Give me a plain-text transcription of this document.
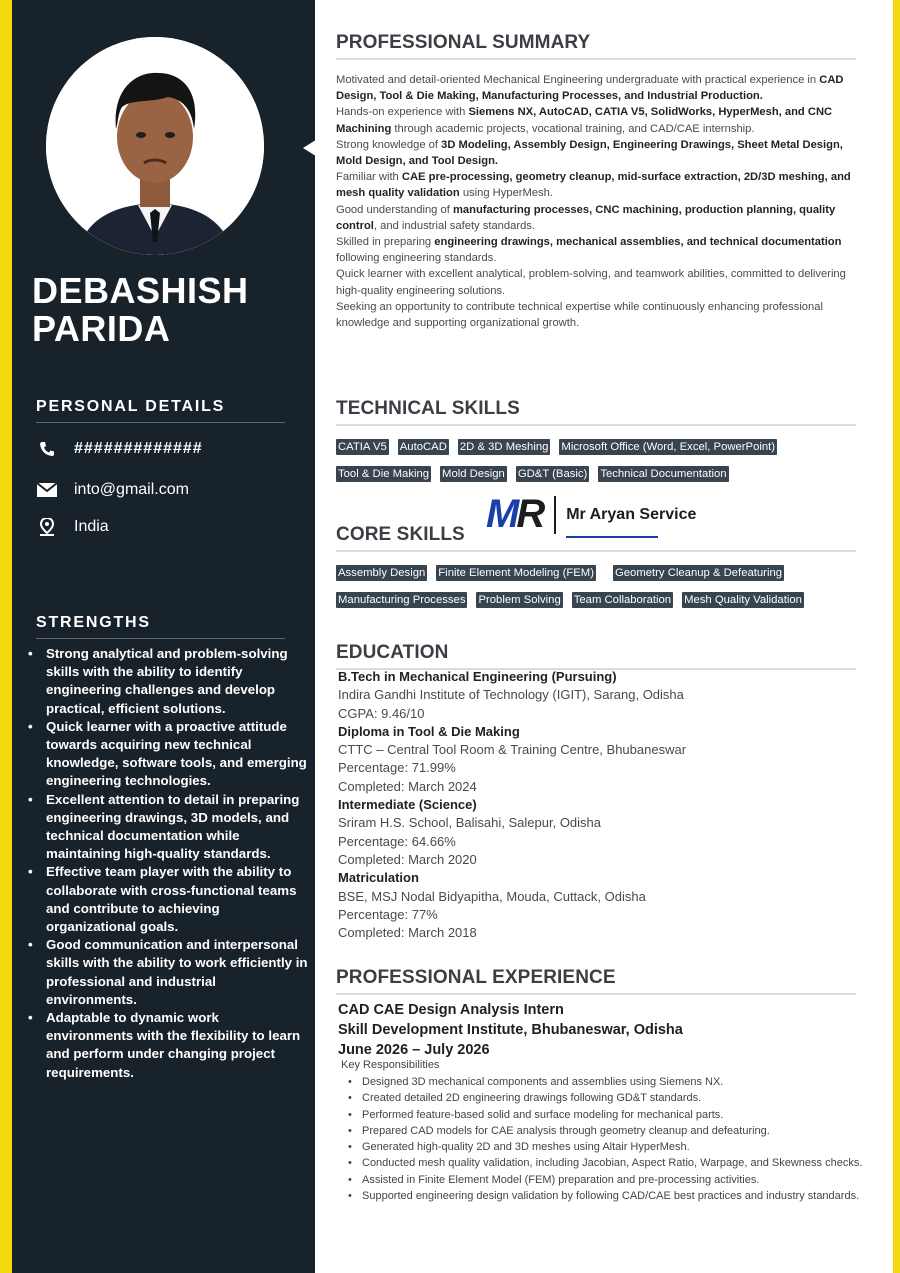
DEBASHISH
PARIDA
PERSONAL DETAILS
#############
into@gmail.com
India
STRENGTHS
• Strong analytical and problem-solving skills with the ability to identify engineering challenges and develop practical, efficient solutions.
• Quick learner with a proactive attitude towards acquiring new technical knowledge, software tools, and emerging engineering technologies.
• Excellent attention to detail in preparing engineering drawings, 3D models, and technical documentation while maintaining high-quality standards.
• Effective team player with the ability to collaborate with cross-functional teams and contribute to achieving organizational goals.
• Good communication and interpersonal skills with the ability to work efficiently in professional and industrial environments.
• Adaptable to dynamic work environments with the flexibility to learn and perform under changing project requirements.
PROFESSIONAL SUMMARY

Motivated and detail-oriented Mechanical Engineering undergraduate with practical experience in CAD Design, Tool & Die Making, Manufacturing Processes, and Industrial Production.

Hands-on experience with Siemens NX, AutoCAD, CATIA V5, SolidWorks, HyperMesh, and CNC Machining through academic projects, vocational training, and CAD/CAE internship.

Strong knowledge of 3D Modeling, Assembly Design, Engineering Drawings, Sheet Metal Design, Mold Design, and Tool Design.

Familiar with CAE pre-processing, geometry cleanup, mid-surface extraction, 2D/3D meshing, and mesh quality validation using HyperMesh.

Good understanding of manufacturing processes, CNC machining, production planning, quality control, and industrial safety standards.

Skilled in preparing engineering drawings, mechanical assemblies, and technical documentation following engineering standards.

Quick learner with excellent analytical, problem-solving, and teamwork abilities, committed to delivering high-quality engineering solutions.

Seeking an opportunity to contribute technical expertise while continuously enhancing professional knowledge and supporting organizational growth.

TECHNICAL SKILLS
CATIA V5 AutoCAD 2D & 3D Meshing Microsoft Office (Word, Excel, PowerPoint)
Tool & Die Making Mold Design GD&T (Basic) Technical Documentation
MR Mr Aryan Service
CORE SKILLS
Assembly Design Finite Element Modeling (FEM) Geometry Cleanup & Defeaturing
Manufacturing Processes Problem Solving Team Collaboration Mesh Quality Validation
EDUCATION
B.Tech in Mechanical Engineering (Pursuing)
Indira Gandhi Institute of Technology (IGIT), Sarang, Odisha
CGPA: 9.46/10
Diploma in Tool & Die Making
CTTC – Central Tool Room & Training Centre, Bhubaneswar
Percentage: 71.99%
Completed: March 2024
Intermediate (Science)
Sriram H.S. School, Balisahi, Salepur, Odisha
Percentage: 64.66%
Completed: March 2020
Matriculation
BSE, MSJ Nodal Bidyapitha, Mouda, Cuttack, Odisha
Percentage: 77%
Completed: March 2018
PROFESSIONAL EXPERIENCE
CAD CAE Design Analysis Intern
Skill Development Institute, Bhubaneswar, Odisha
June 2026 – July 2026
Key Responsibilities
• Designed 3D mechanical components and assemblies using Siemens NX.
• Created detailed 2D engineering drawings following GD&T standards.
• Performed feature-based solid and surface modeling for mechanical parts.
• Prepared CAD models for CAE analysis through geometry cleanup and defeaturing.
• Generated high-quality 2D and 3D meshes using Altair HyperMesh.
• Conducted mesh quality validation, including Jacobian, Aspect Ratio, Warpage, and Skewness checks.
• Assisted in Finite Element Model (FEM) preparation and pre-processing activities.
• Supported engineering design validation by following CAD/CAE best practices and industry standards.
